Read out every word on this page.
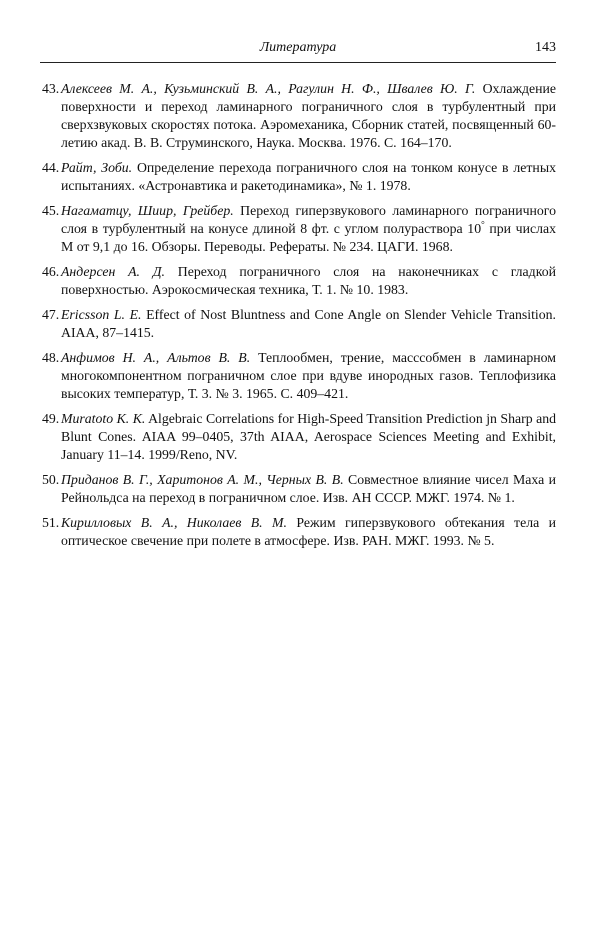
Литература	143

43. Алексеев М. А., Кузьминский В. А., Рагулин Н. Ф., Швалев Ю. Г. Охлаждение поверхности и переход ламинарного пограничного слоя в турбулентный при сверхзвуковых скоростях потока. Аэромеханика, Сборник статей, посвященный 60-летию акад. В. В. Струминского, Наука. Москва. 1976. С. 164–170.

44. Райт, Зоби. Определение перехода пограничного слоя на тонком конусе в летных испытаниях. «Астронавтика и ракетодинамика», № 1. 1978.

45. Нагаматцу, Шиир, Грейбер. Переход гиперзвукового ламинарного пограничного слоя в турбулентный на конусе длиной 8 фт. с углом полураствора 10° при числах М от 9,1 до 16. Обзоры. Переводы. Рефераты. № 234. ЦАГИ. 1968.

46. Андерсен А. Д. Переход пограничного слоя на наконечниках с гладкой поверхностью. Аэрокосмическая техника, Т. 1. № 10. 1983.

47. Ericsson L. E. Effect of Nost Bluntness and Cone Angle on Slender Vehicle Transition. AIAA, 87–1415.

48. Анфимов Н. А., Альтов В. В. Теплообмен, трение, масссобмен в ламинарном многокомпонентном пограничном слое при вдуве инородных газов. Теплофизика высоких температур, Т. 3. № 3. 1965. С. 409–421.

49. Muratoto K. K. Algebraic Correlations for High-Speed Transition Prediction jn Sharp and Blunt Cones. AIAA 99–0405, 37th AIAA, Aerospace Sciences Meeting and Exhibit, January 11–14. 1999/Reno, NV.

50. Приданов В. Г., Харитонов А. М., Черных В. В. Совместное влияние чисел Маха и Рейнольдса на переход в пограничном слое. Изв. АН СССР. МЖГ. 1974. № 1.

51. Кирилловых В. А., Николаев В. М. Режим гиперзвукового обтекания тела и оптическое свечение при полете в атмосфере. Изв. РАН. МЖГ. 1993. № 5.
